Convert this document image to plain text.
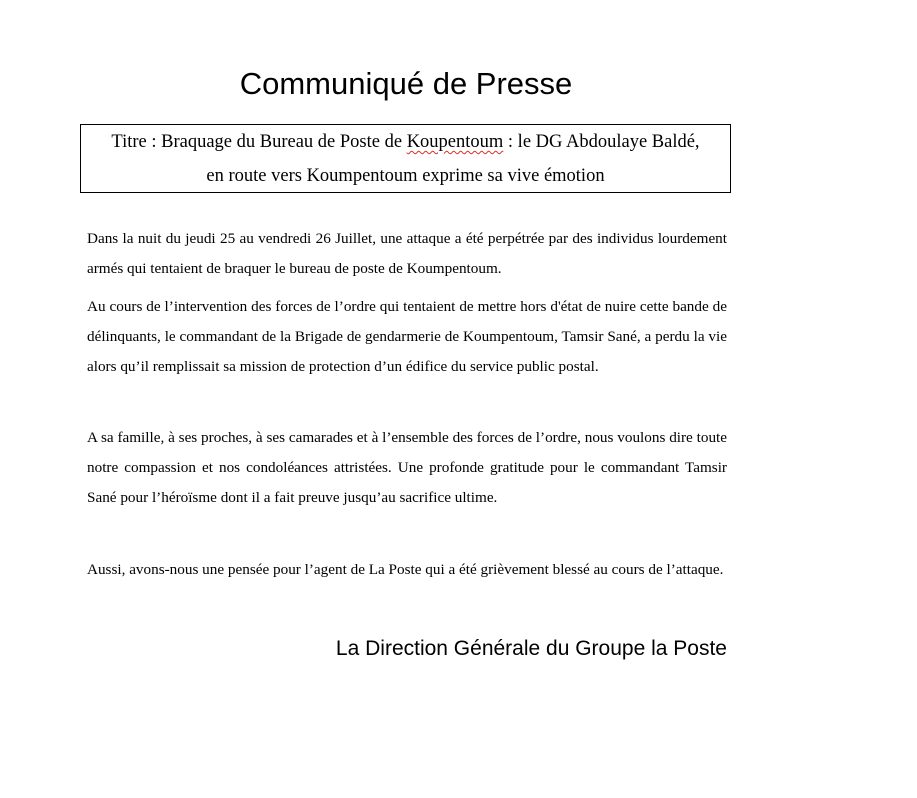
Communiqué de Presse
Titre : Braquage du Bureau de Poste de Koupentoum : le DG Abdoulaye Baldé,
en route vers Koumpentoum exprime sa vive émotion

Dans la nuit du jeudi 25 au vendredi 26 Juillet, une attaque a été perpétrée par des individus lourdement armés qui tentaient de braquer le bureau de poste de Koumpentoum.

Au cours de l’intervention des forces de l’ordre qui tentaient de mettre hors d'état de nuire cette bande de délinquants, le commandant de la Brigade de gendarmerie de Koumpentoum, Tamsir Sané, a perdu la vie alors qu’il remplissait sa mission de protection d’un édifice du service public postal.

A sa famille, à ses proches, à ses camarades et à l’ensemble des forces de l’ordre, nous voulons dire toute notre compassion et nos condoléances attristées. Une profonde gratitude pour le commandant Tamsir Sané pour l’héroïsme dont il a fait preuve jusqu’au sacrifice ultime.

Aussi, avons-nous une pensée pour l’agent de La Poste qui a été grièvement blessé au cours de l’attaque.

La Direction Générale du Groupe la Poste
